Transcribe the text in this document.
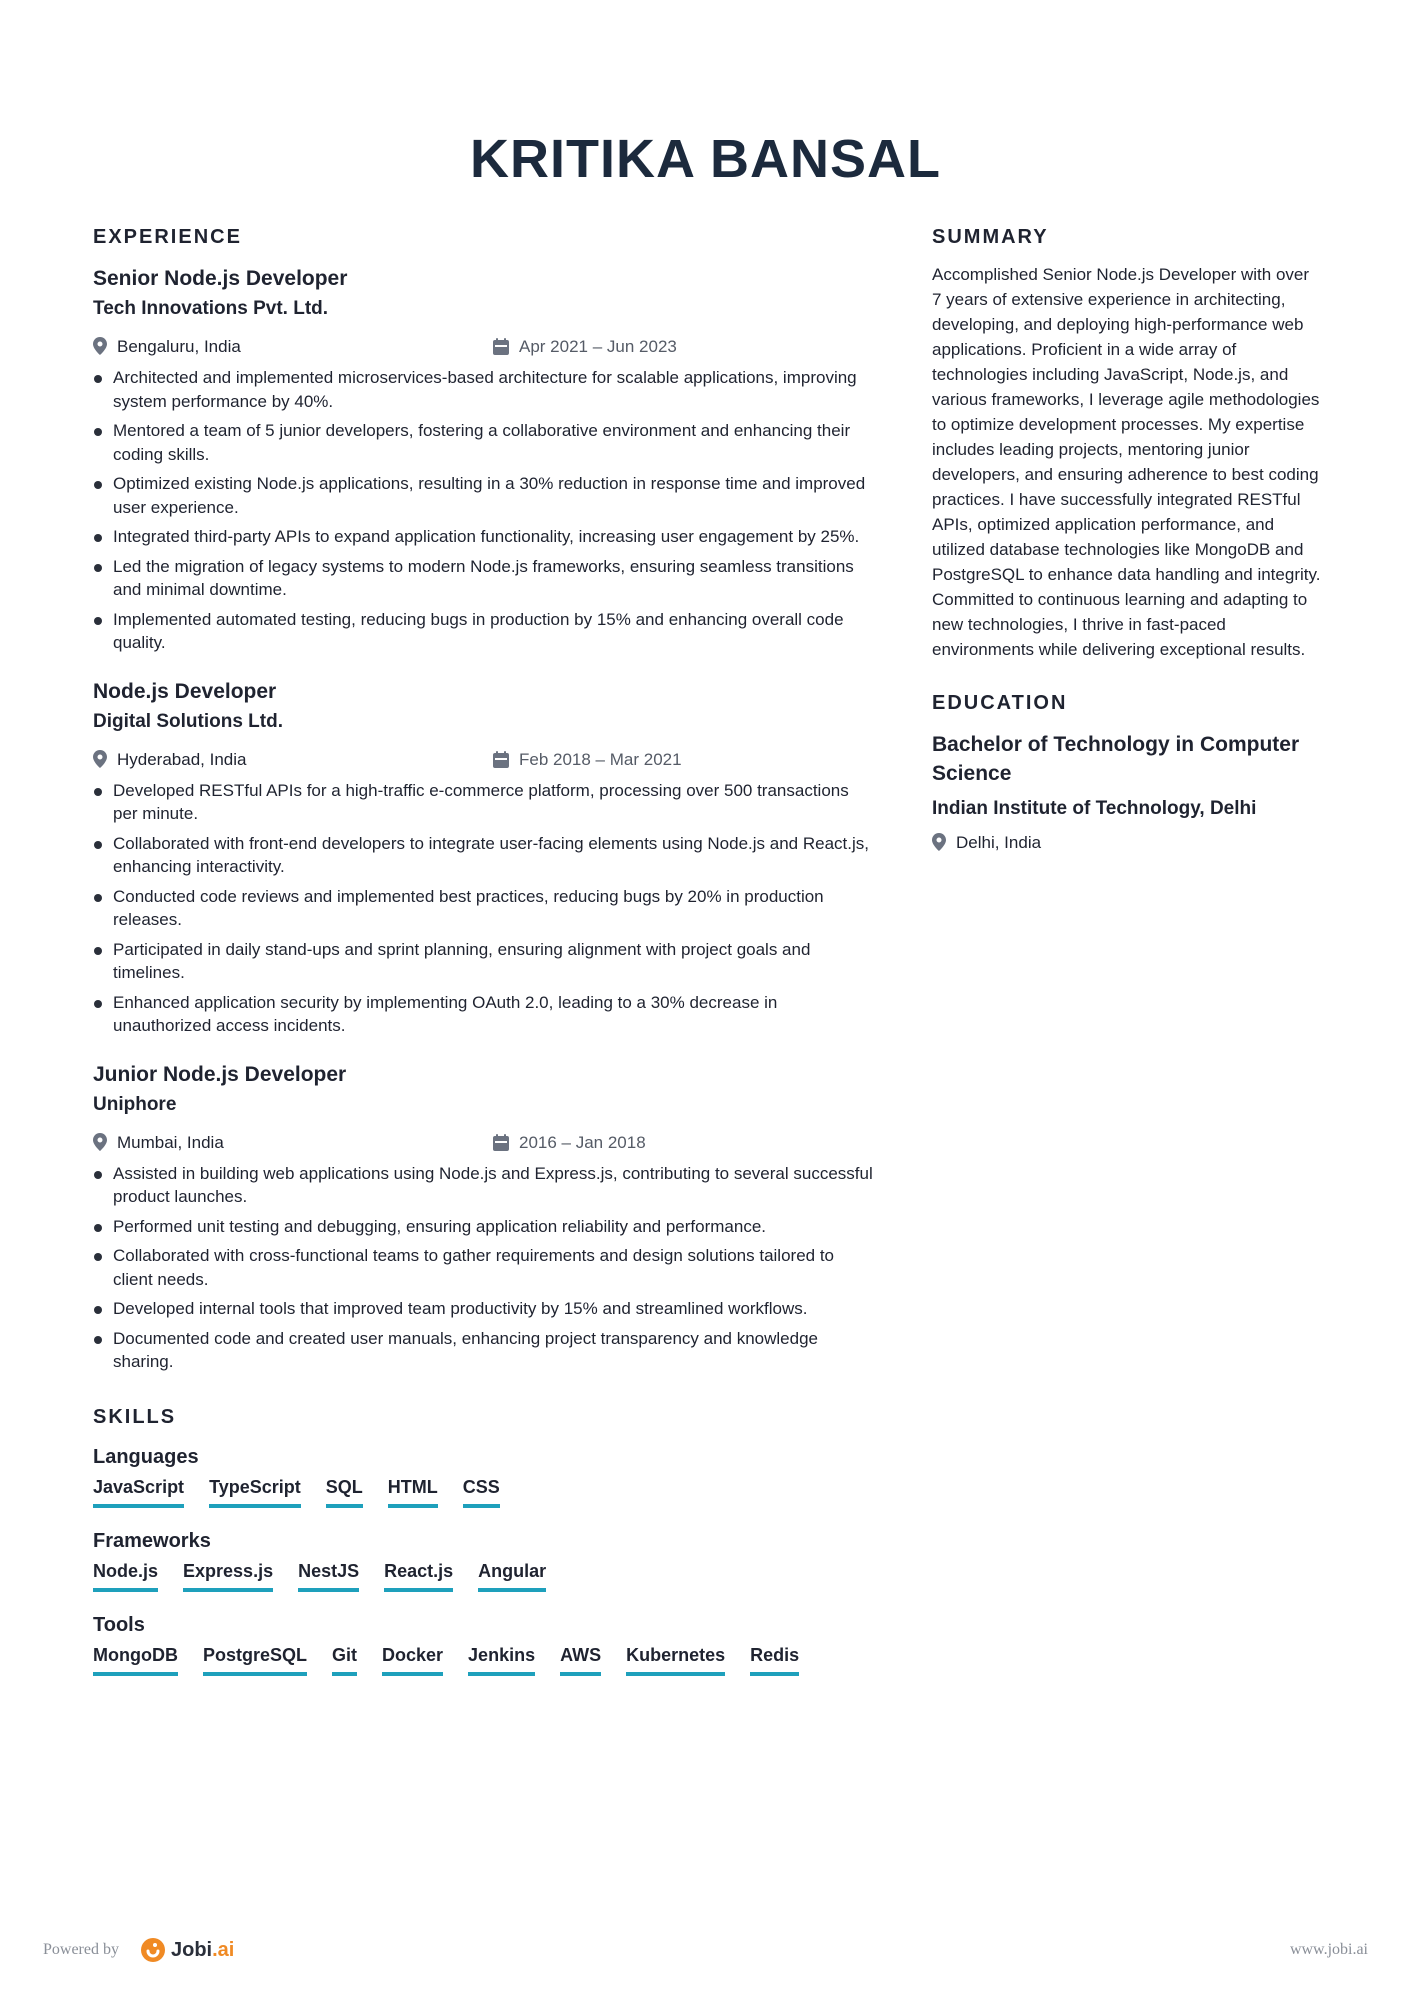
KRITIKA BANSAL
EXPERIENCE
Senior Node.js Developer
Tech Innovations Pvt. Ltd.
Bengaluru, India	Apr 2021 – Jun 2023
Architected and implemented microservices-based architecture for scalable applications, improving system performance by 40%.
Mentored a team of 5 junior developers, fostering a collaborative environment and enhancing their coding skills.
Optimized existing Node.js applications, resulting in a 30% reduction in response time and improved user experience.
Integrated third-party APIs to expand application functionality, increasing user engagement by 25%.
Led the migration of legacy systems to modern Node.js frameworks, ensuring seamless transitions and minimal downtime.
Implemented automated testing, reducing bugs in production by 15% and enhancing overall code quality.
Node.js Developer
Digital Solutions Ltd.
Hyderabad, India	Feb 2018 – Mar 2021
Developed RESTful APIs for a high-traffic e-commerce platform, processing over 500 transactions per minute.
Collaborated with front-end developers to integrate user-facing elements using Node.js and React.js, enhancing interactivity.
Conducted code reviews and implemented best practices, reducing bugs by 20% in production releases.
Participated in daily stand-ups and sprint planning, ensuring alignment with project goals and timelines.
Enhanced application security by implementing OAuth 2.0, leading to a 30% decrease in unauthorized access incidents.
Junior Node.js Developer
Uniphore
Mumbai, India	2016 – Jan 2018
Assisted in building web applications using Node.js and Express.js, contributing to several successful product launches.
Performed unit testing and debugging, ensuring application reliability and performance.
Collaborated with cross-functional teams to gather requirements and design solutions tailored to client needs.
Developed internal tools that improved team productivity by 15% and streamlined workflows.
Documented code and created user manuals, enhancing project transparency and knowledge sharing.
SKILLS
Languages
JavaScript TypeScript SQL HTML CSS
Frameworks
Node.js Express.js NestJS React.js Angular
Tools
MongoDB PostgreSQL Git Docker Jenkins AWS Kubernetes Redis
SUMMARY

Accomplished Senior Node.js Developer with over 7 years of extensive experience in architecting, developing, and deploying high-performance web applications. Proficient in a wide array of technologies including JavaScript, Node.js, and various frameworks, I leverage agile methodologies to optimize development processes. My expertise includes leading projects, mentoring junior developers, and ensuring adherence to best coding practices. I have successfully integrated RESTful APIs, optimized application performance, and utilized database technologies like MongoDB and PostgreSQL to enhance data handling and integrity. Committed to continuous learning and adapting to new technologies, I thrive in fast-paced environments while delivering exceptional results.

EDUCATION
Bachelor of Technology in Computer Science
Indian Institute of Technology, Delhi
Delhi, India
Powered by	Jobi.ai	www.jobi.ai
